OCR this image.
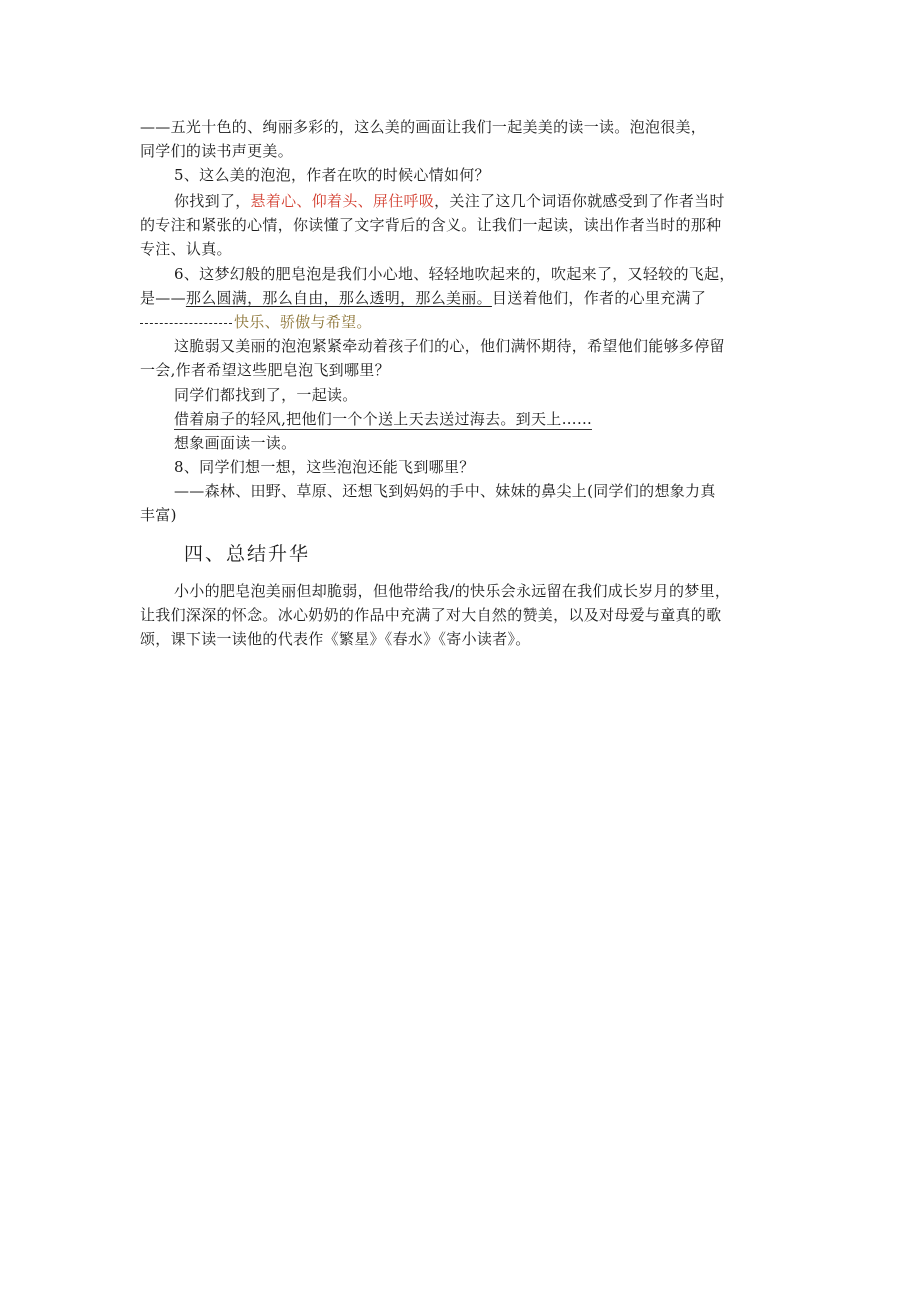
——五光十色的、绚丽多彩的，这么美的画面让我们一起美美的读一读。泡泡很美，
同学们的读书声更美。
5、这么美的泡泡，作者在吹的时候心情如何？
你找到了，悬着心、仰着头、屏住呼吸，关注了这几个词语你就感受到了作者当时
的专注和紧张的心情，你读懂了文字背后的含义。让我们一起读，读出作者当时的那种
专注、认真。
6、这梦幻般的肥皂泡是我们小心地、轻轻地吹起来的，吹起来了，又轻较的飞起，
是——那么圆满，那么自由，那么透明，那么美丽。目送着他们，作者的心里充满了
快乐、骄傲与希望。
这脆弱又美丽的泡泡紧紧牵动着孩子们的心，他们满怀期待，希望他们能够多停留
一会,作者希望这些肥皂泡飞到哪里？
同学们都找到了，一起读。
借着扇子的轻风,把他们一个个送上天去送过海去。到天上……
想象画面读一读。
8、同学们想一想，这些泡泡还能飞到哪里？
——森林、田野、草原、还想飞到妈妈的手中、妹妹的鼻尖上(同学们的想象力真
丰富)
四、总结升华
小小的肥皂泡美丽但却脆弱，但他带给我/的快乐会永远留在我们成长岁月的梦里，
让我们深深的怀念。冰心奶奶的作品中充满了对大自然的赞美，以及对母爱与童真的歌
颂，课下读一读他的代表作《繁星》《春水》《寄小读者》。
